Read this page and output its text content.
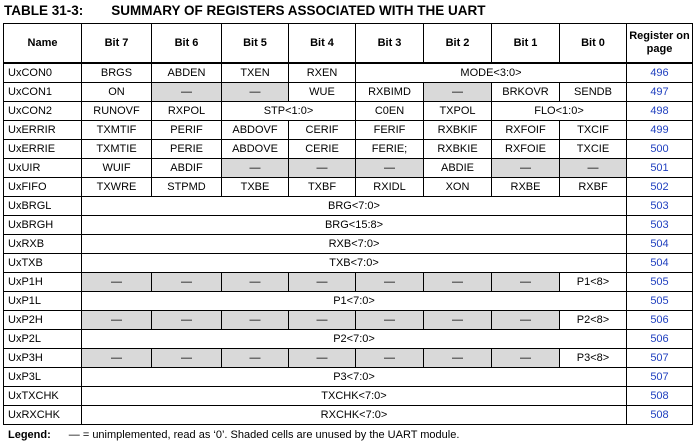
TABLE 31-3: SUMMARY OF REGISTERS ASSOCIATED WITH THE UART
Name	Bit 7	Bit 6	Bit 5	Bit 4	Bit 3	Bit 2	Bit 1	Bit 0	Register on page
UxCON0	BRGS	ABDEN	TXEN	RXEN	MODE<3:0>				496
UxCON1	ON	—	—	WUE	RXBIMD	—	BRKOVR	SENDB	497
UxCON2	RUNOVF	RXPOL	STP<1:0>		C0EN	TXPOL	FLO<1:0>		498
UxERRIR	TXMTIF	PERIF	ABDOVF	CERIF	FERIF	RXBKIF	RXFOIF	TXCIF	499
UxERRIE	TXMTIE	PERIE	ABDOVE	CERIE	FERIE;	RXBKIE	RXFOIE	TXCIE	500
UxUIR	WUIF	ABDIF	—	—	—	ABDIE	—	—	501
UxFIFO	TXWRE	STPMD	TXBE	TXBF	RXIDL	XON	RXBE	RXBF	502
UxBRGL	BRG<7:0>								503
UxBRGH	BRG<15:8>								503
UxRXB	RXB<7:0>								504
UxTXB	TXB<7:0>								504
UxP1H	—	—	—	—	—	—	—	P1<8>	505
UxP1L	P1<7:0>								505
UxP2H	—	—	—	—	—	—	—	P2<8>	506
UxP2L	P2<7:0>								506
UxP3H	—	—	—	—	—	—	—	P3<8>	507
UxP3L	P3<7:0>								507
UxTXCHK	TXCHK<7:0>								508
UxRXCHK	RXCHK<7:0>								508
Legend: — = unimplemented, read as ‘0’. Shaded cells are unused by the UART module.
